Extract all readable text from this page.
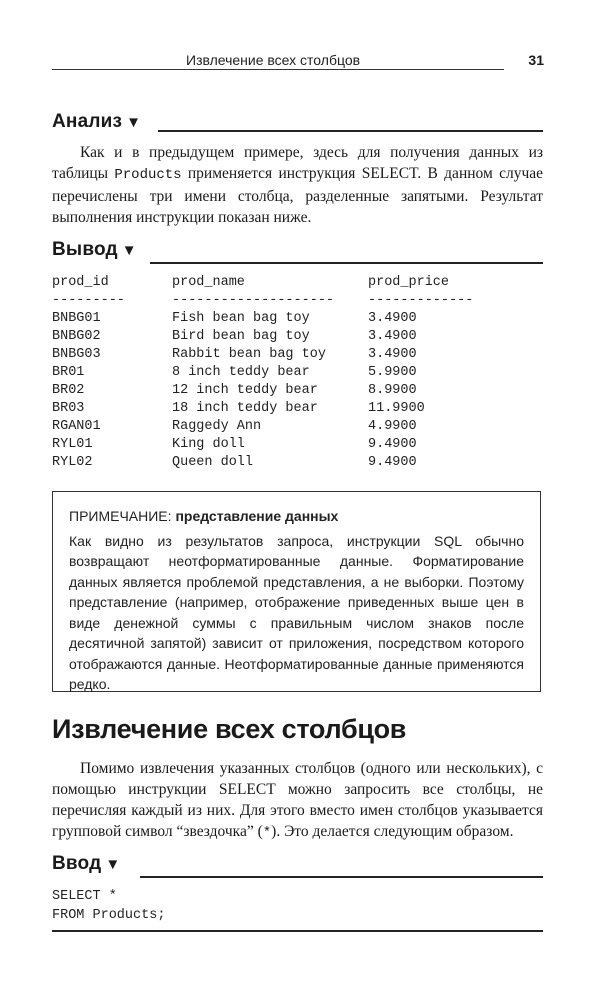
Извлечение всех столбцов	31
Анализ ▼

Как и в предыдущем примере, здесь для получения данных из таблицы Products применяется инструкция SELECT. В данном случае перечислены три имени столбца, разделенные запятыми. Результат выполнения инструкции показан ниже.

Вывод ▼
prod_id	prod_name	prod_price
---------	--------------------	-------------
BNBG01	Fish bean bag toy	3.4900
BNBG02	Bird bean bag toy	3.4900
BNBG03	Rabbit bean bag toy	3.4900
BR01	8 inch teddy bear	5.9900
BR02	12 inch teddy bear	8.9900
BR03	18 inch teddy bear	11.9900
RGAN01	Raggedy Ann	4.9900
RYL01	King doll	9.4900
RYL02	Queen doll	9.4900
ПРИМЕЧАНИЕ: представление данных
Как видно из результатов запроса, инструкции SQL обычно возвращают неотформатированные данные. Форматирование данных является проблемой представления, а не выборки. Поэтому представление (например, отображение приведенных выше цен в виде денежной суммы с правильным числом знаков после десятичной запятой) зависит от приложения, посредством которого отображаются данные. Неотформатированные данные применяются редко.
Извлечение всех столбцов

Помимо извлечения указанных столбцов (одного или нескольких), с помощью инструкции SELECT можно запросить все столбцы, не перечисляя каждый из них. Для этого вместо имен столбцов указывается групповой символ “звездочка” (*). Это делается следующим образом.

Ввод ▼
SELECT *
FROM Products;
